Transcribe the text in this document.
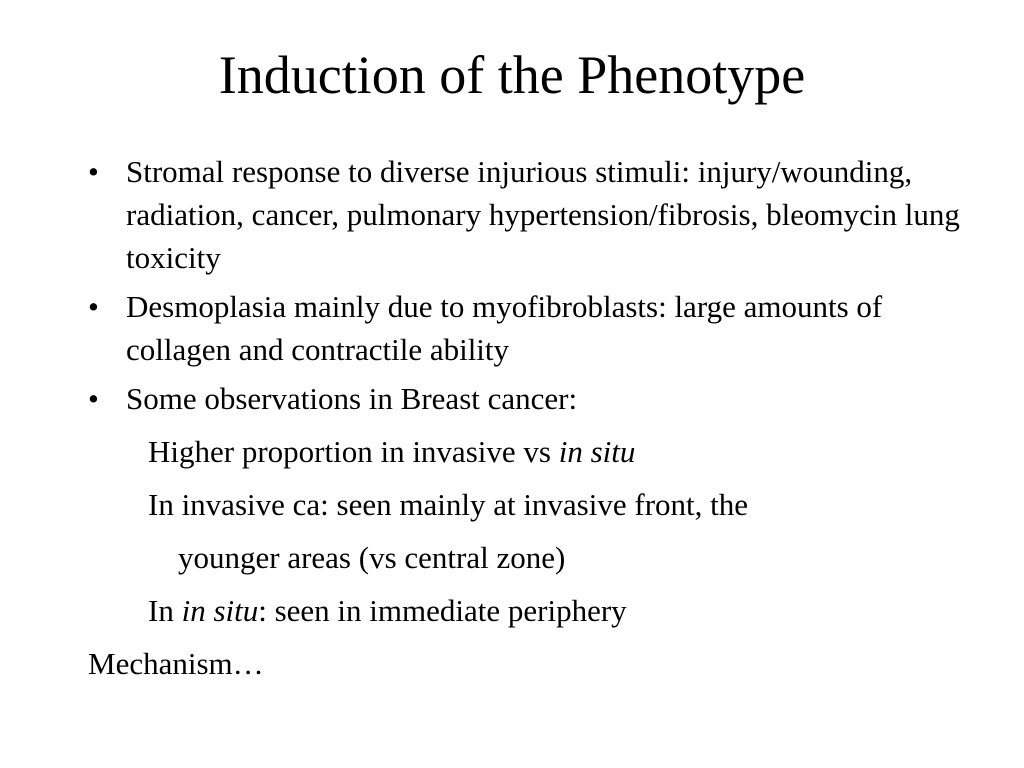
Induction of the Phenotype
• Stromal response to diverse injurious stimuli: injury/wounding, radiation, cancer, pulmonary hypertension/fibrosis, bleomycin lung toxicity
• Desmoplasia mainly due to myofibroblasts: large amounts of collagen and contractile ability
• Some observations in Breast cancer:
Higher proportion in invasive vs in situ
In invasive ca: seen mainly at invasive front, the
younger areas (vs central zone)
In in situ: seen in immediate periphery
Mechanism…
